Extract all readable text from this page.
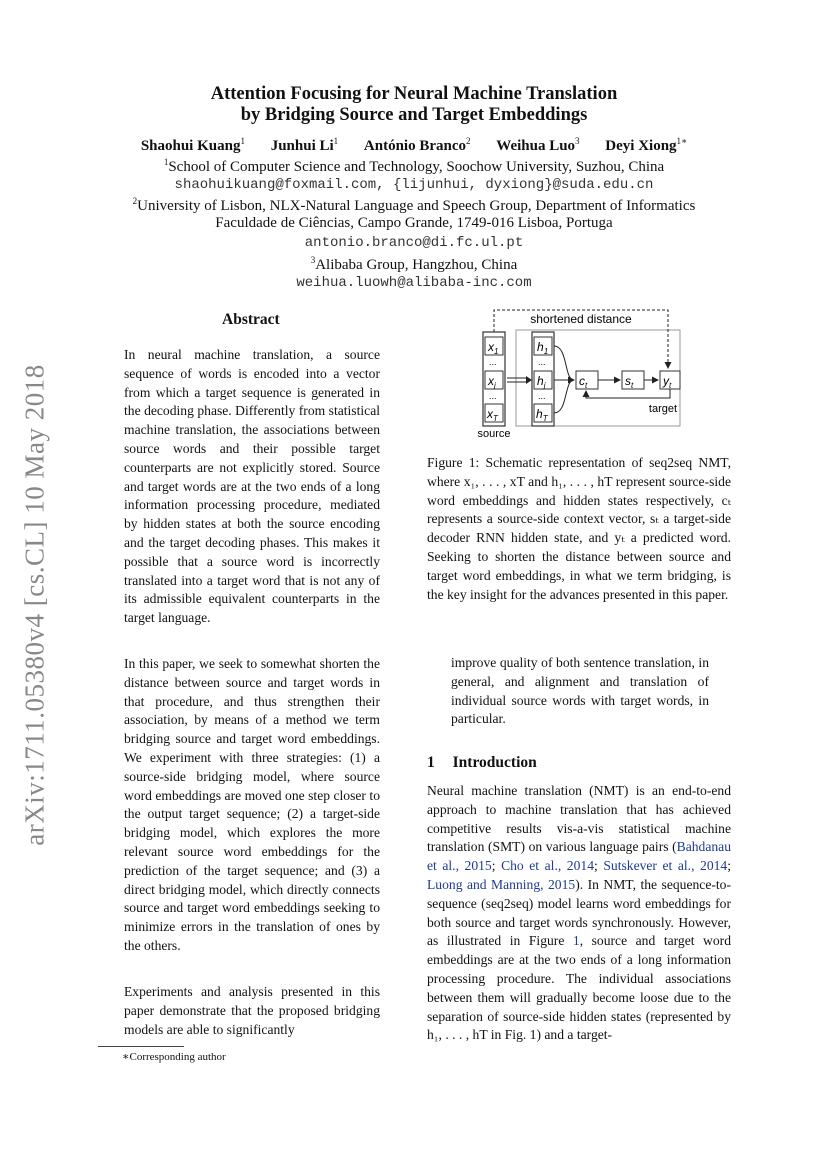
arXiv:1711.05380v4 [cs.CL] 10 May 2018
Attention Focusing for Neural Machine Translation
by Bridging Source and Target Embeddings
Shaohui Kuang$^1$ Junhui Li$^1$ António Branco$^2$ Weihua Luo$^3$ Deyi Xiong$^{1∗}$
$^1$School of Computer Science and Technology, Soochow University, Suzhou, China
shaohuikuang@foxmail.com, {lijunhui, dyxiong}@suda.edu.cn
$^2$University of Lisbon, NLX-Natural Language and Speech Group, Department of Informatics
Faculdade de Ciências, Campo Grande, 1749-016 Lisboa, Portuga
antonio.branco@di.fc.ul.pt
$^3$Alibaba Group, Hangzhou, China
weihua.luowh@alibaba-inc.com
Abstract
In neural machine translation, a source sequence of words is encoded into a vector from which a target sequence is generated in the decoding phase. Differently from statistical machine translation, the associations between source words and their possible target counterparts are not explicitly stored. Source and target words are at the two ends of a long information processing procedure, mediated by hidden states at both the source encoding and the target decoding phases. This makes it possible that a source word is incorrectly translated into a target word that is not any of its admissible equivalent counterparts in the target language.
In this paper, we seek to somewhat shorten the distance between source and target words in that procedure, and thus strengthen their association, by means of a method we term bridging source and target word embeddings. We experiment with three strategies: (1) a source-side bridging model, where source word embeddings are moved one step closer to the output target sequence; (2) a target-side bridging model, which explores the more relevant source word embeddings for the prediction of the target sequence; and (3) a direct bridging model, which directly connects source and target word embeddings seeking to minimize errors in the translation of ones by the others.
Experiments and analysis presented in this paper demonstrate that the proposed bridging models are able to significantly
∗Corresponding author
shortened distance
$x_1$
...
$x_j$
...
$x_T$
source
$h_1$
...
$h_j$
...
$h_T$
$c_t$	$s_t$ $y_t$
target
Figure 1: Schematic representation of seq2seq NMT, where x₁, . . . , xT and h₁, . . . , hT represent source-side word embeddings and hidden states respectively, cₜ represents a source-side context vector, sₜ a target-side decoder RNN hidden state, and yₜ a predicted word. Seeking to shorten the distance between source and target word embeddings, in what we term bridging, is the key insight for the advances presented in this paper.
improve quality of both sentence translation, in general, and alignment and translation of individual source words with target words, in particular.
1 Introduction
Neural machine translation (NMT) is an end-to-end approach to machine translation that has achieved competitive results vis-a-vis statistical machine translation (SMT) on various language pairs (Bahdanau et al., 2015; Cho et al., 2014; Sutskever et al., 2014; Luong and Manning, 2015). In NMT, the sequence-to-sequence (seq2seq) model learns word embeddings for both source and target words synchronously. However, as illustrated in Figure 1, source and target word embeddings are at the two ends of a long information processing procedure. The individual associations between them will gradually become loose due to the separation of source-side hidden states (represented by h₁, . . . , hT in Fig. 1) and a target-
